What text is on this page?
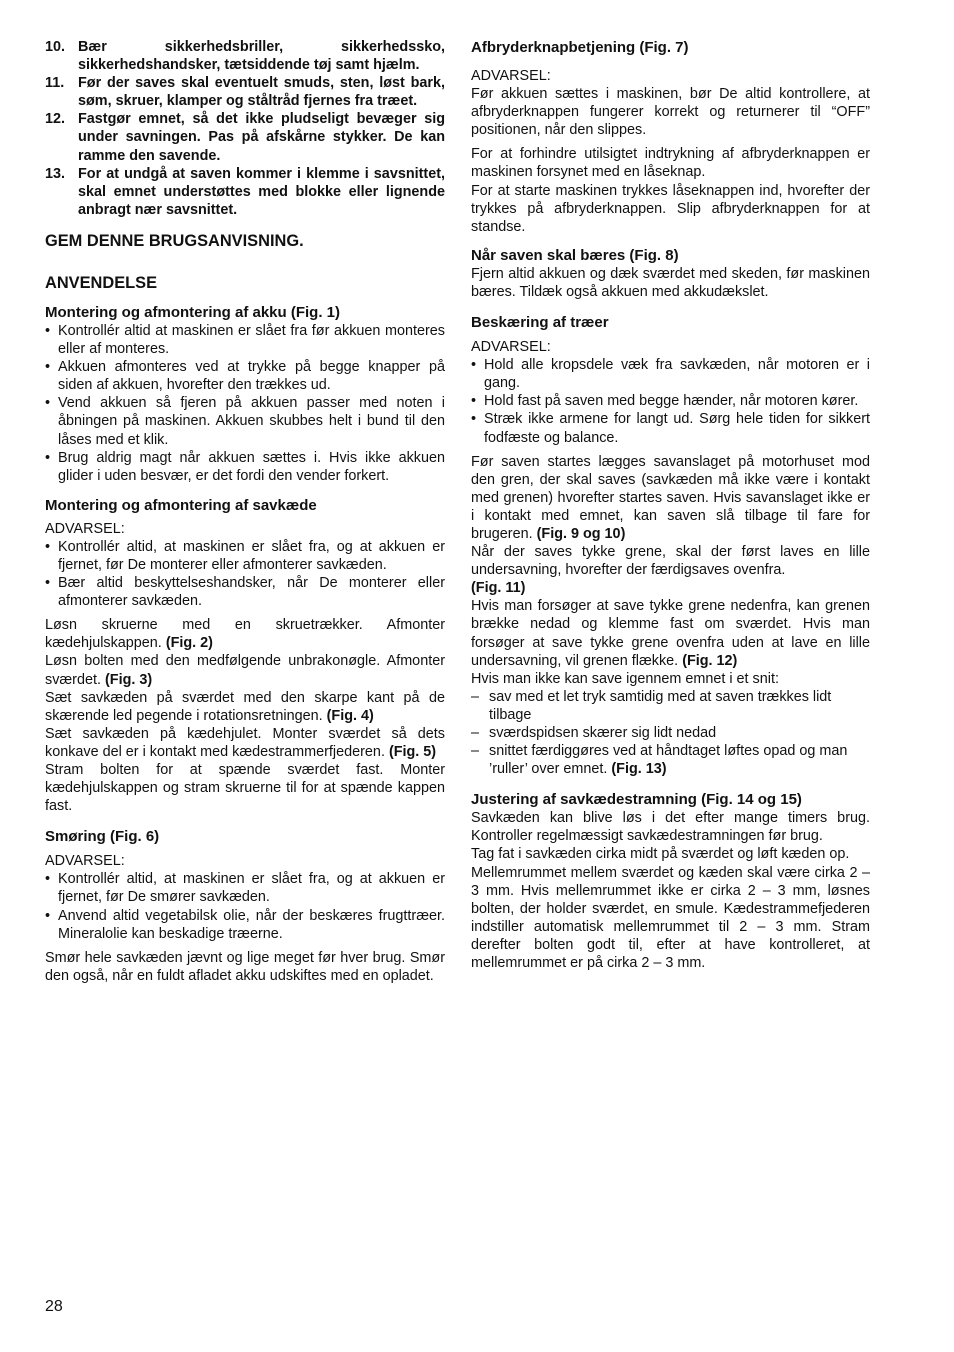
10. Bær sikkerhedsbriller, sikkerhedssko, sikkerhedshandsker, tætsiddende tøj samt hjælm.
11. Før der saves skal eventuelt smuds, sten, løst bark, søm, skruer, klamper og ståltråd fjernes fra træet.
12. Fastgør emnet, så det ikke pludseligt bevæger sig under savningen. Pas på afskårne stykker. De kan ramme den savende.
13. For at undgå at saven kommer i klemme i savsnittet, skal emnet understøttes med blokke eller lignende anbragt nær savsnittet.
GEM DENNE BRUGSANVISNING.
ANVENDELSE
Montering og afmontering af akku (Fig. 1)
• Kontrollér altid at maskinen er slået fra før akkuen monteres eller af monteres.
• Akkuen afmonteres ved at trykke på begge knapper på siden af akkuen, hvorefter den trækkes ud.
• Vend akkuen så fjeren på akkuen passer med noten i åbningen på maskinen. Akkuen skubbes helt i bund til den låses med et klik.
• Brug aldrig magt når akkuen sættes i. Hvis ikke akkuen glider i uden besvær, er det fordi den vender forkert.
Montering og afmontering af savkæde

ADVARSEL:

• Kontrollér altid, at maskinen er slået fra, og at akkuen er fjernet, før De monterer eller afmonterer savkæden.
• Bær altid beskyttelseshandsker, når De monterer eller afmonterer savkæden.

Løsn skruerne med en skruetrækker. Afmonter kædehjulskappen. (Fig. 2)

Løsn bolten med den medfølgende unbrakonøgle. Afmonter sværdet. (Fig. 3)

Sæt savkæden på sværdet med den skarpe kant på de skærende led pegende i rotationsretningen. (Fig. 4)

Sæt savkæden på kædehjulet. Monter sværdet så dets konkave del er i kontakt med kædestrammerfjederen. (Fig. 5)

Stram bolten for at spænde sværdet fast. Monter kædehjulskappen og stram skruerne til for at spænde kappen fast.

Smøring (Fig. 6)

ADVARSEL:

• Kontrollér altid, at maskinen er slået fra, og at akkuen er fjernet, før De smører savkæden.
• Anvend altid vegetabilsk olie, når der beskæres frugttræer. Mineralolie kan beskadige træerne.

Smør hele savkæden jævnt og lige meget før hver brug. Smør den også, når en fuldt afladet akku udskiftes med en opladet.

Afbryderknapbetjening (Fig. 7)

ADVARSEL:

Før akkuen sættes i maskinen, bør De altid kontrollere, at afbryderknappen fungerer korrekt og returnerer til “OFF” positionen, når den slippes.

For at forhindre utilsigtet indtrykning af afbryderknappen er maskinen forsynet med en låseknap.

For at starte maskinen trykkes låseknappen ind, hvorefter der trykkes på afbryderknappen. Slip afbryderknappen for at standse.

Når saven skal bæres (Fig. 8)

Fjern altid akkuen og dæk sværdet med skeden, før maskinen bæres. Tildæk også akkuen med akkudækslet.

Beskæring af træer

ADVARSEL:

• Hold alle kropsdele væk fra savkæden, når motoren er i gang.
• Hold fast på saven med begge hænder, når motoren kører.
• Stræk ikke armene for langt ud. Sørg hele tiden for sikkert fodfæste og balance.

Før saven startes lægges savanslaget på motorhuset mod den gren, der skal saves (savkæden må ikke være i kontakt med grenen) hvorefter startes saven. Hvis savanslaget ikke er i kontakt med emnet, kan saven slå tilbage til fare for brugeren. (Fig. 9 og 10)

Når der saves tykke grene, skal der først laves en lille undersavning, hvorefter der færdigsaves ovenfra.
(Fig. 11)

Hvis man forsøger at save tykke grene nedenfra, kan grenen brække nedad og klemme fast om sværdet. Hvis man forsøger at save tykke grene ovenfra uden at lave en lille undersavning, vil grenen flække. (Fig. 12)

Hvis man ikke kan save igennem emnet i et snit:

– sav med et let tryk samtidig med at saven trækkes lidt tilbage
– sværdspidsen skærer sig lidt nedad
– snittet færdiggøres ved at håndtaget løftes opad og man ’ruller’ over emnet. (Fig. 13)
Justering af savkædestramning (Fig. 14 og 15)

Savkæden kan blive løs i det efter mange timers brug. Kontroller regelmæssigt savkædestramningen før brug.

Tag fat i savkæden cirka midt på sværdet og løft kæden op.

Mellemrummet mellem sværdet og kæden skal være cirka 2 – 3 mm. Hvis mellemrummet ikke er cirka 2 – 3 mm, løsnes bolten, der holder sværdet, en smule. Kædestrammefjederen indstiller automatisk mellemrummet til 2 – 3 mm. Stram derefter bolten godt til, efter at have kontrolleret, at mellemrummet er på cirka 2 – 3 mm.

28
